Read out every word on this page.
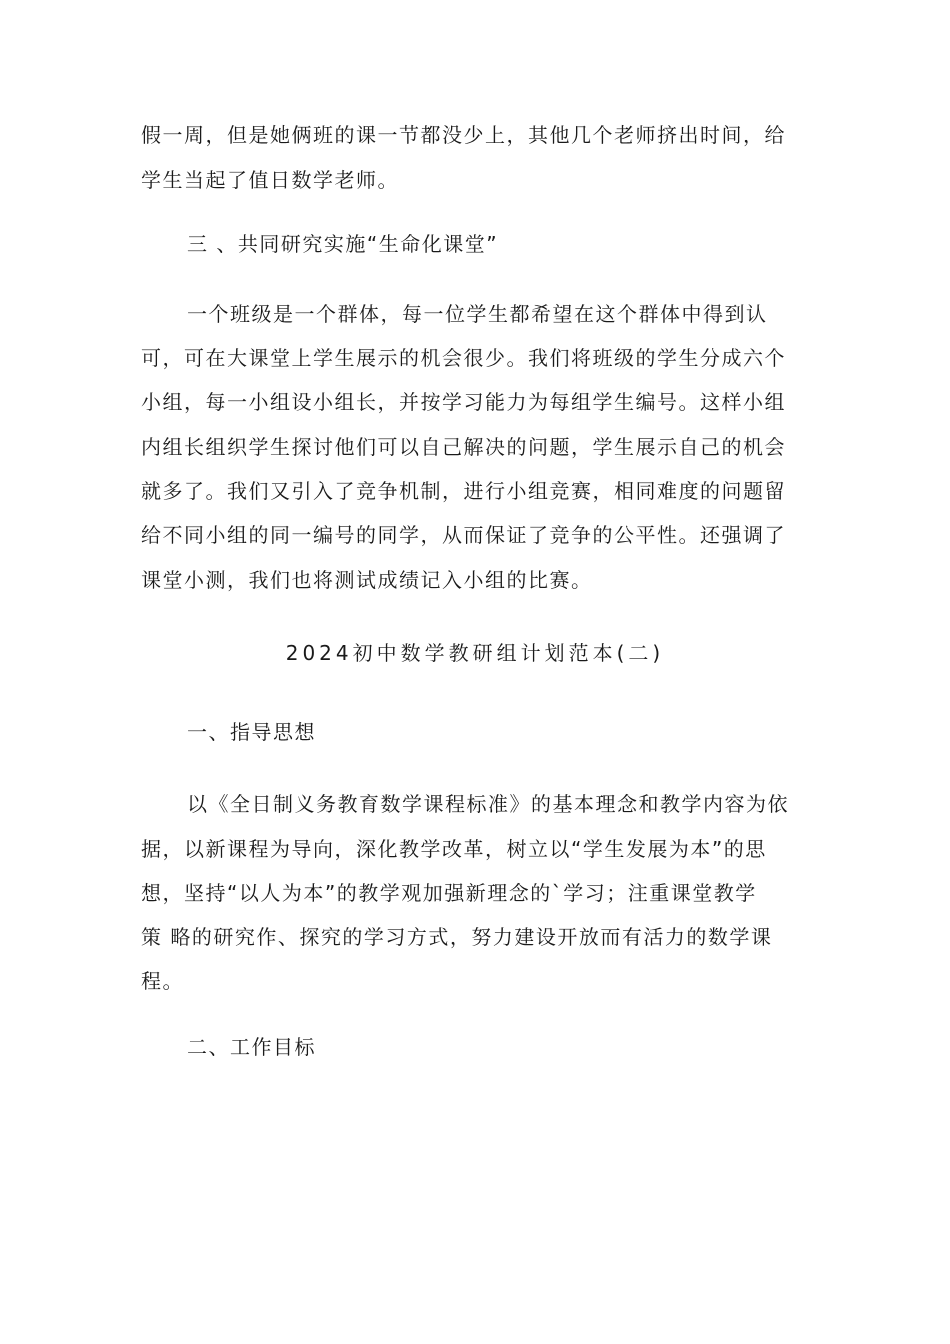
假一周，但是她俩班的课一节都没少上，其他几个老师挤出时间，给
学生当起了值日数学老师。
三 、共同研究实施“生命化课堂”
一个班级是一个群体，每一位学生都希望在这个群体中得到认
可，可在大课堂上学生展示的机会很少。我们将班级的学生分成六个
小组，每一小组设小组长，并按学习能力为每组学生编号。这样小组
内组长组织学生探讨他们可以自己解决的问题，学生展示自己的机会
就多了。我们又引入了竞争机制，进行小组竞赛，相同难度的问题留
给不同小组的同一编号的同学，从而保证了竞争的公平性。还强调了
课堂小测，我们也将测试成绩记入小组的比赛。
2024初中数学教研组计划范本(二)
一、指导思想
以《全日制义务教育数学课程标准》的基本理念和教学内容为依
据，以新课程为导向，深化教学改革，树立以“学生发展为本”的思
想，坚持“以人为本”的教学观加强新理念的`学习；注重课堂教学
策 略的研究作、探究的学习方式，努力建设开放而有活力的数学课
程。
二、工作目标
